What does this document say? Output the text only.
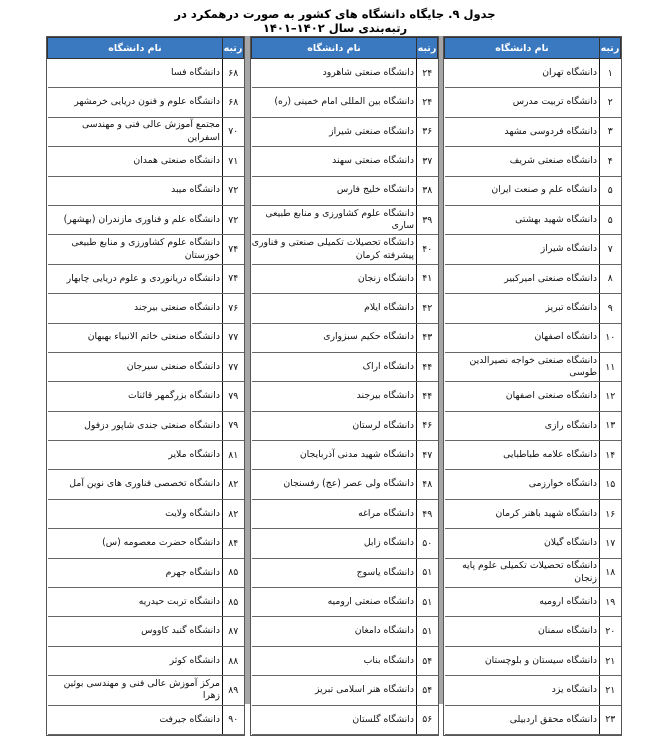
جدول ۹. جایگاه دانشگاه های کشور به صورت درهمکرد در رتبه‌بندی سال ۱۴۰۲–۱۴۰۱
رتبه	نام دانشگاه
۱	دانشگاه تهران
۲	دانشگاه تربیت مدرس
۳	دانشگاه فردوسی مشهد
۴	دانشگاه صنعتی شریف
۵	دانشگاه علم و صنعت ایران
۵	دانشگاه شهید بهشتی
۷	دانشگاه شیراز
۸	دانشگاه صنعتی امیرکبیر
۹	دانشگاه تبریز
۱۰	دانشگاه اصفهان
۱۱	دانشگاه صنعتی خواجه نصیرالدین طوسی
۱۲	دانشگاه صنعتی اصفهان
۱۳	دانشگاه رازی
۱۴	دانشگاه علامه طباطبایی
۱۵	دانشگاه خوارزمی
۱۶	دانشگاه شهید باهنر کرمان
۱۷	دانشگاه گیلان
۱۸	دانشگاه تحصیلات تکمیلی علوم پایه زنجان
۱۹	دانشگاه ارومیه
۲۰	دانشگاه سمنان
۲۱	دانشگاه سیستان و بلوچستان
۲۱	دانشگاه یزد
۲۳	دانشگاه محقق اردبیلی
رتبه	نام دانشگاه
۲۴	دانشگاه صنعتی شاهرود
۲۴	دانشگاه بین المللی امام خمینی (ره)
۳۶	دانشگاه صنعتی شیراز
۳۷	دانشگاه صنعتی سهند
۳۸	دانشگاه خلیج فارس
۳۹	دانشگاه علوم کشاورزی و منابع طبیعی ساری
۴۰	دانشگاه تحصیلات تکمیلی صنعتی و فناوری پیشرفته کرمان
۴۱	دانشگاه زنجان
۴۲	دانشگاه ایلام
۴۳	دانشگاه حکیم سبزواری
۴۴	دانشگاه اراک
۴۴	دانشگاه بیرجند
۴۶	دانشگاه لرستان
۴۷	دانشگاه شهید مدنی آذربایجان
۴۸	دانشگاه ولی عصر (عج) رفسنجان
۴۹	دانشگاه مراغه
۵۰	دانشگاه زابل
۵۱	دانشگاه یاسوج
۵۱	دانشگاه صنعتی ارومیه
۵۱	دانشگاه دامغان
۵۴	دانشگاه بناب
۵۴	دانشگاه هنر اسلامی تبریز
۵۶	دانشگاه گلستان
رتبه	نام دانشگاه
۶۸	دانشگاه فسا
۶۸	دانشگاه علوم و فنون دریایی خرمشهر
۷۰	مجتمع آموزش عالی فنی و مهندسی اسفراین
۷۱	دانشگاه صنعتی همدان
۷۲	دانشگاه میبد
۷۲	دانشگاه علم و فناوری مازندران (بهشهر)
۷۴	دانشگاه علوم کشاورزی و منابع طبیعی خوزستان
۷۴	دانشگاه دریانوردی و علوم دریایی چابهار
۷۶	دانشگاه صنعتی بیرجند
۷۷	دانشگاه صنعتی خاتم الانبیاء بهبهان
۷۷	دانشگاه صنعتی سیرجان
۷۹	دانشگاه بزرگمهر قائنات
۷۹	دانشگاه صنعتی جندی شاپور دزفول
۸۱	دانشگاه ملایر
۸۲	دانشگاه تخصصی فناوری های نوین آمل
۸۲	دانشگاه ولایت
۸۴	دانشگاه حضرت معصومه (س)
۸۵	دانشگاه جهرم
۸۵	دانشگاه تربت حیدریه
۸۷	دانشگاه گنبد کاووس
۸۸	دانشگاه کوثر
۸۹	مرکز آموزش عالی فنی و مهندسی بوئین زهرا
۹۰	دانشگاه جیرفت
